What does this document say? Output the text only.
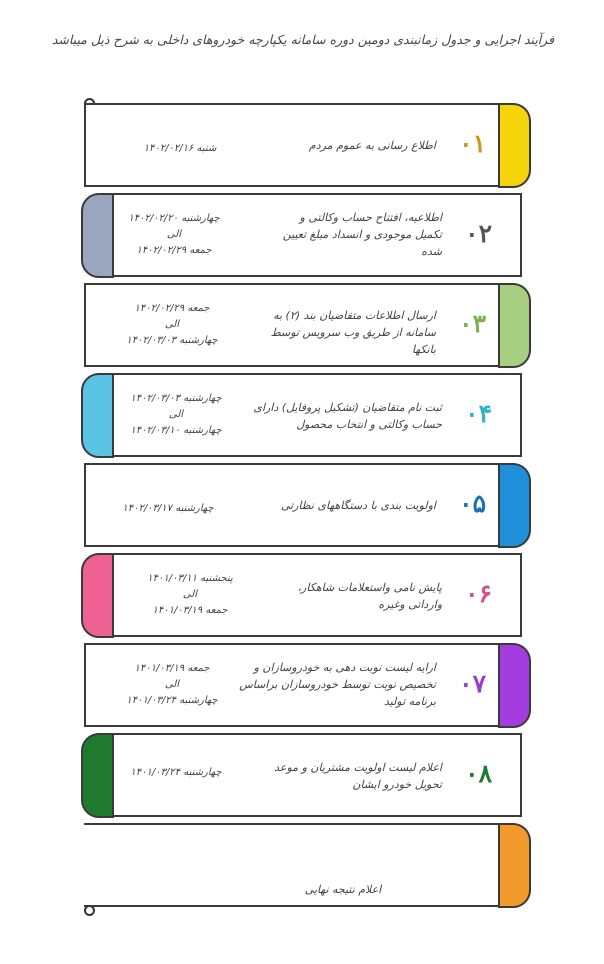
فرآیند اجرایی و جدول زمانبندی دومین دوره سامانه یکپارچه خودروهای داخلی به شرح ذیل میباشد
۰۱
اطلاع رسانی به عموم مردم
شنبه ۱۴۰۲/۰۲/۱۶
۰۲
اطلاعیه، افتتاح حساب وکالتی و تکمیل موجودی و انسداد مبلغ تعیین شده
چهارشنبه ۱۴۰۲/۰۲/۲۰
الی
جمعه ۱۴۰۲/۰۲/۲۹
۰۳
ارسال اطلاعات متقاضیان بند (۲) به سامانه از طریق وب سرویس توسط بانکها
جمعه ۱۴۰۲/۰۲/۲۹
الی
چهارشنبه ۱۴۰۲/۰۳/۰۳
۰۴
ثبت نام متقاضیان (تشکیل پروفایل) دارای حساب وکالتی و انتخاب محصول
چهارشنبه ۱۴۰۲/۰۳/۰۳
الی
چهارشنبه ۱۴۰۲/۰۳/۱۰
۰۵
اولویت بندی با دستگاههای نظارتی
چهارشنبه ۱۴۰۲/۰۳/۱۷
۰۶
پایش نامی واستعلامات شاهکار، وارداتی وغیره
پنجشنبه ۱۴۰۱/۰۳/۱۱
الی
جمعه ۱۴۰۱/۰۳/۱۹
۰۷
ارایه لیست نوبت دهی به خودروسازان و تخصیص نوبت توسط خودروسازان براساس برنامه تولید
جمعه ۱۴۰۱/۰۳/۱۹
الی
چهارشنبه ۱۴۰۱/۰۳/۲۴
۰۸
اعلام لیست اولویت مشتریان و موعد تحویل خودرو ایشان
چهارشنبه ۱۴۰۱/۰۳/۲۴
اعلام نتیجه نهایی
